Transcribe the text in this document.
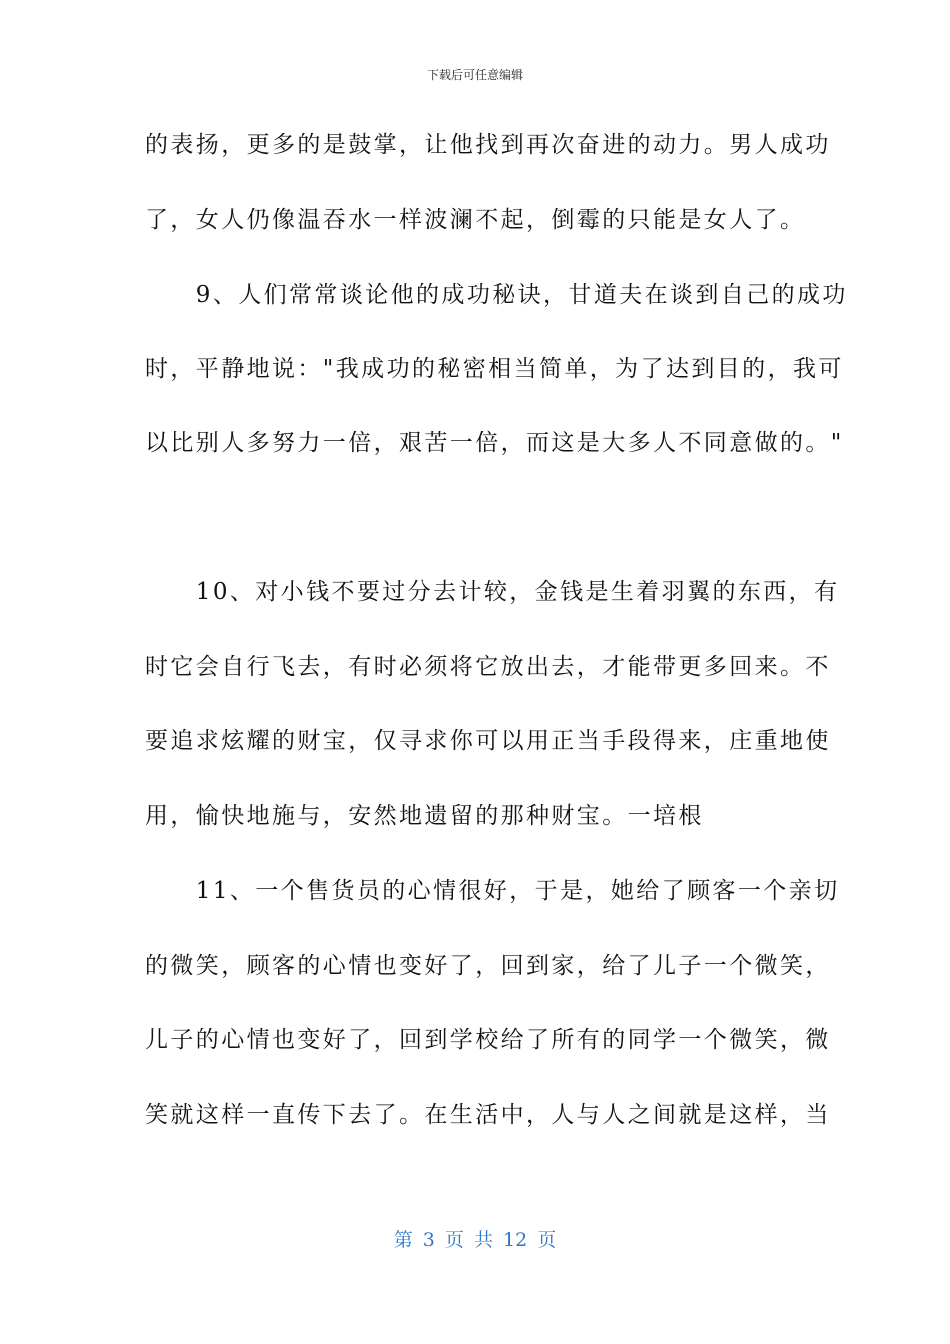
下载后可任意编辑
的表扬，更多的是鼓掌，让他找到再次奋进的动力。男人成功
了，女人仍像温吞水一样波澜不起，倒霉的只能是女人了。
　　9、人们常常谈论他的成功秘诀，甘道夫在谈到自己的成功
时，平静地说："我成功的秘密相当简单，为了达到目的，我可
以比别人多努力一倍，艰苦一倍，而这是大多人不同意做的。"
　　10、对小钱不要过分去计较，金钱是生着羽翼的东西，有
时它会自行飞去，有时必须将它放出去，才能带更多回来。不
要追求炫耀的财宝，仅寻求你可以用正当手段得来，庄重地使
用，愉快地施与，安然地遗留的那种财宝。一培根
　　11、一个售货员的心情很好，于是，她给了顾客一个亲切
的微笑，顾客的心情也变好了，回到家，给了儿子一个微笑，
儿子的心情也变好了，回到学校给了所有的同学一个微笑，微
笑就这样一直传下去了。在生活中，人与人之间就是这样，当
第 3 页 共 12 页
